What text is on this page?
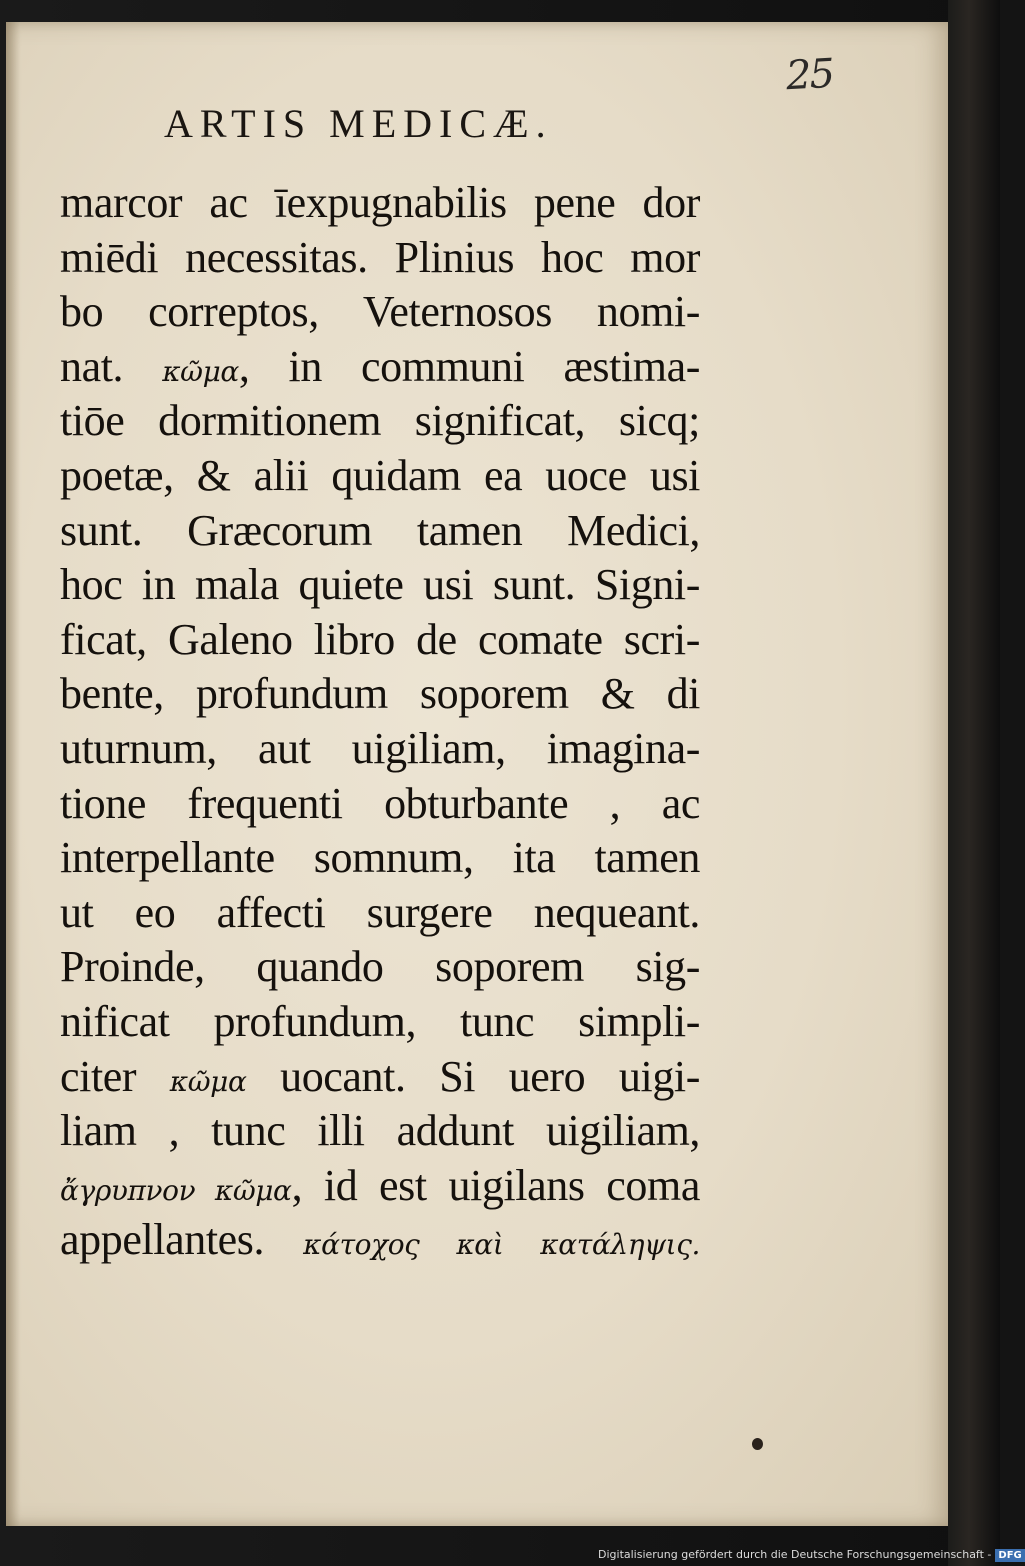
25
ARTIS MEDICÆ.
marcor ac īexpugnabilis pene dor
miēdi necessitas. Plinius hoc mor
bo correptos, Veternosos nomi-
nat. κῶμα, in communi æstima-
tiōe dormitionem significat, sicq;
poetæ, & alii quidam ea uoce usi
sunt. Græcorum tamen Medici,
hoc in mala quiete usi sunt. Signi-
ficat, Galeno libro de comate scri-
bente, profundum soporem & di
uturnum, aut uigiliam, imagina-
tione frequenti obturbante , ac
interpellante somnum, ita tamen
ut eo affecti surgere nequeant.
Proinde, quando soporem sig-
nificat profundum, tunc simpli-
citer κῶμα uocant. Si uero uigi-
liam , tunc illi addunt uigiliam,
ἄγρυπνον κῶμα, id est uigilans coma
appellantes. κάτοχος καὶ κατάληψις.
Digitalisierung gefördert durch die Deutsche Forschungsgemeinschaft - DFG
